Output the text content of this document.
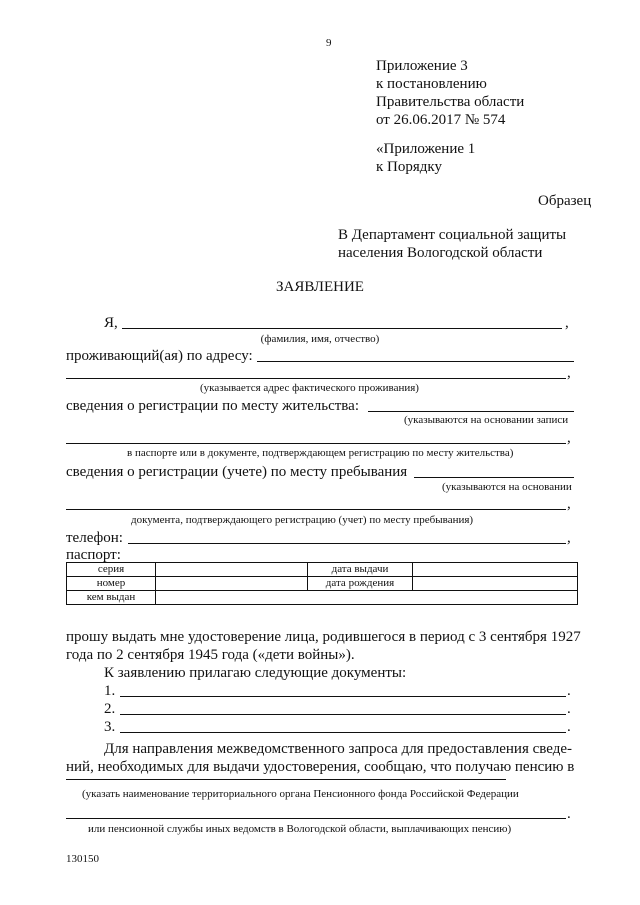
9
Приложение 3
к постановлению
Правительства области
от 26.06.2017 № 574
«Приложение 1
к Порядку
Образец
В Департамент социальной защиты
населения Вологодской области
ЗАЯВЛЕНИЕ
Я,	,
(фамилия, имя, отчество)
проживающий(ая) по адресу:
,
(указывается адрес фактического проживания)
сведения о регистрации по месту жительства:
(указываются на основании записи
,
в паспорте или в документе, подтверждающем регистрацию по месту жительства)
сведения о регистрации (учете) по месту пребывания
(указываются на основании
,
документа, подтверждающего регистрацию (учет) по месту пребывания)
телефон:	,
паспорт:
серия		дата выдачи	
номер		дата рождения	
кем выдан			
прошу выдать мне удостоверение лица, родившегося в период с 3 сентября 1927
года по 2 сентября 1945 года («дети войны»).
К заявлению прилагаю следующие документы:
1.	.
2.	.
3.	.
Для направления межведомственного запроса для предоставления сведе-
ний, необходимых для выдачи удостоверения, сообщаю, что получаю пенсию в
(указать наименование территориального органа Пенсионного фонда Российской Федерации
.
или пенсионной службы иных ведомств в Вологодской области, выплачивающих пенсию)
130150
